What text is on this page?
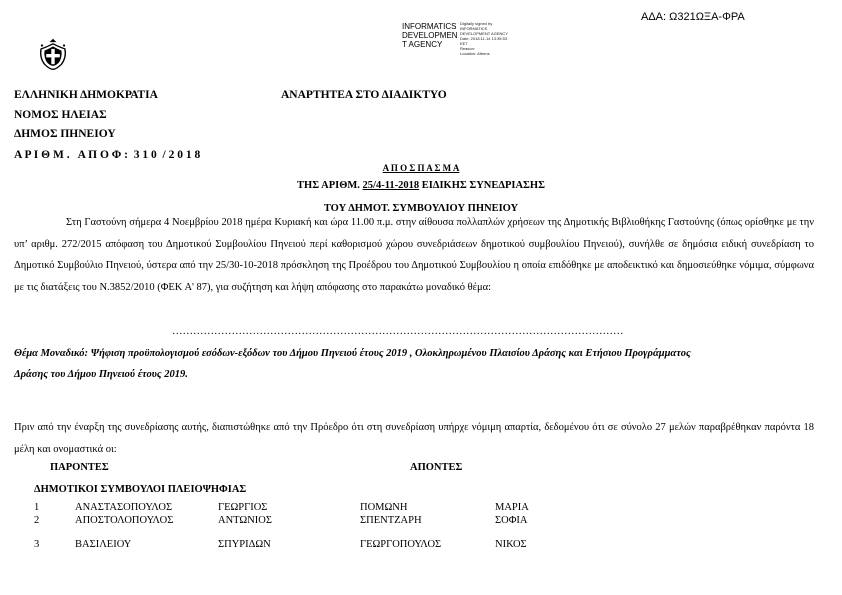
ΑΔΑ: Ω321ΩΞΑ-ΦΡΑ
INFORMATICS
DEVELOPMEN
T AGENCY
Digitally signed by
INFORMATICS
DEVELOPMENT AGENCY
Date: 2018.11.14 13:35:53
EET
Reason:
Location: Athens
ΕΛΛΗΝΙΚΗ ΔΗΜΟΚΡΑΤΙΑ
ΝΟΜΟΣ ΗΛΕΙΑΣ
ΔΗΜΟΣ ΠΗΝΕΙΟΥ
Α Ρ Ι Θ Μ .   Α Π Ο Φ :  3 1 0  / 2 0 1 8
ΑΝΑΡΤΗΤΕΑ ΣΤΟ ΔΙΑΔΙΚΤΥΟ
Α Π Ο Σ Π Α Σ Μ Α
ΤΗΣ ΑΡΙΘΜ. 25/4-11-2018 ΕΙΔΙΚΗΣ ΣΥΝΕΔΡΙΑΣΗΣ
ΤΟΥ ΔΗΜΟΤ. ΣΥΜΒΟΥΛΙΟΥ ΠΗΝΕΙΟΥ
Στη Γαστούνη σήμερα 4 Νοεμβρίου 2018 ημέρα Κυριακή και ώρα 11.00 π.μ. στην αίθουσα πολλαπλών χρήσεων της Δημοτικής Βιβλιοθήκης Γαστούνης (όπως ορίσθηκε με την υπ’ αριθμ. 272/2015 απόφαση του Δημοτικού Συμβουλίου Πηνειού περί καθορισμού χώρου συνεδριάσεων δημοτικού συμβουλίου Πηνειού), συνήλθε σε δημόσια ειδική συνεδρίαση το Δημοτικό Συμβούλιο Πηνειού, ύστερα από την 25/30-10-2018 πρόσκληση της Προέδρου του Δημοτικού Συμβουλίου η οποία επιδόθηκε με αποδεικτικό και δημοσιεύθηκε νόμιμα, σύμφωνα με τις διατάξεις του Ν.3852/2010 (ΦΕΚ Α' 87), για συζήτηση και λήψη απόφασης στο παρακάτω μοναδικό θέμα:
…………………………………………………………………………………………………………………
Θέμα Μοναδικό: Ψήφιση προϋπολογισμού εσόδων-εξόδων του Δήμου Πηνειού έτους 2019 , Ολοκληρωμένου Πλαισίου Δράσης και Ετήσιου Προγράμματος
Δράσης του Δήμου Πηνειού έτους 2019.
Πριν από την έναρξη της συνεδρίασης αυτής, διαπιστώθηκε από την Πρόεδρο ότι στη συνεδρίαση υπήρχε νόμιμη απαρτία, δεδομένου ότι σε σύνολο 27 μελών παραβρέθηκαν παρόντα 18 μέλη και ονομαστικά οι:
ΠΑΡΟΝΤΕΣ	ΑΠΟΝΤΕΣ
ΔΗΜΟΤΙΚΟΙ ΣΥΜΒΟΥΛΟΙ ΠΛΕΙΟΨΗΦΙΑΣ
1	ΑΝΑΣΤΑΣΟΠΟΥΛΟΣ	ΓΕΩΡΓΙΟΣ	ΠΟΜΩΝΗ	ΜΑΡΙΑ
2	ΑΠΟΣΤΟΛΟΠΟΥΛΟΣ	ΑΝΤΩΝΙΟΣ	ΣΠΕΝΤΖΑΡΗ	ΣΟΦΙΑ
3	ΒΑΣΙΛΕΙΟΥ	ΣΠΥΡΙΔΩΝ	ΓΕΩΡΓΟΠΟΥΛΟΣ	ΝΙΚΟΣ
